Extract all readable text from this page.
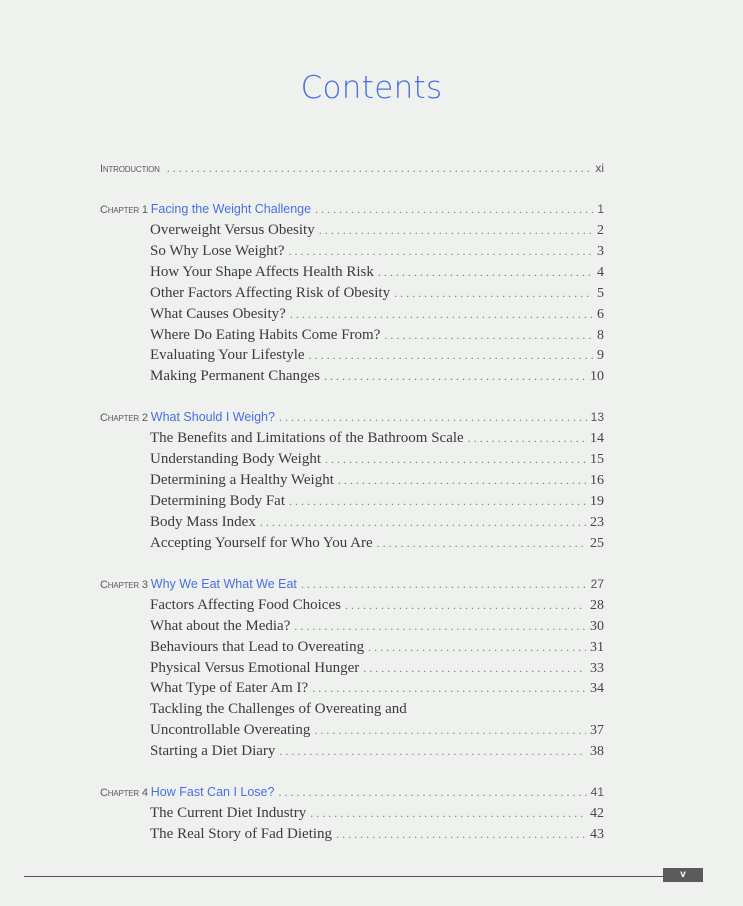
Contents
Introduction . . .	xi
Chapter 1 Facing the Weight Challenge . . .	1
Overweight Versus Obesity . . .	2
So Why Lose Weight? . . .	3
How Your Shape Affects Health Risk . . .	4
Other Factors Affecting Risk of Obesity . . .	5
What Causes Obesity? . . .	6
Where Do Eating Habits Come From? . . .	8
Evaluating Your Lifestyle . . .	9
Making Permanent Changes . . .	10
Chapter 2 What Should I Weigh? . . .	13
The Benefits and Limitations of the Bathroom Scale . . .	14
Understanding Body Weight . . .	15
Determining a Healthy Weight . . .	16
Determining Body Fat . . .	19
Body Mass Index . . .	23
Accepting Yourself for Who You Are . . .	25
Chapter 3 Why We Eat What We Eat . . .	27
Factors Affecting Food Choices . . .	28
What about the Media? . . .	30
Behaviours that Lead to Overeating . . .	31
Physical Versus Emotional Hunger . . .	33
What Type of Eater Am I? . . .	34
Tackling the Challenges of Overeating and
Uncontrollable Overeating . . .	37
Starting a Diet Diary . . .	38
Chapter 4 How Fast Can I Lose? . . .	41
The Current Diet Industry . . .	42
The Real Story of Fad Dieting . . .	43
v
